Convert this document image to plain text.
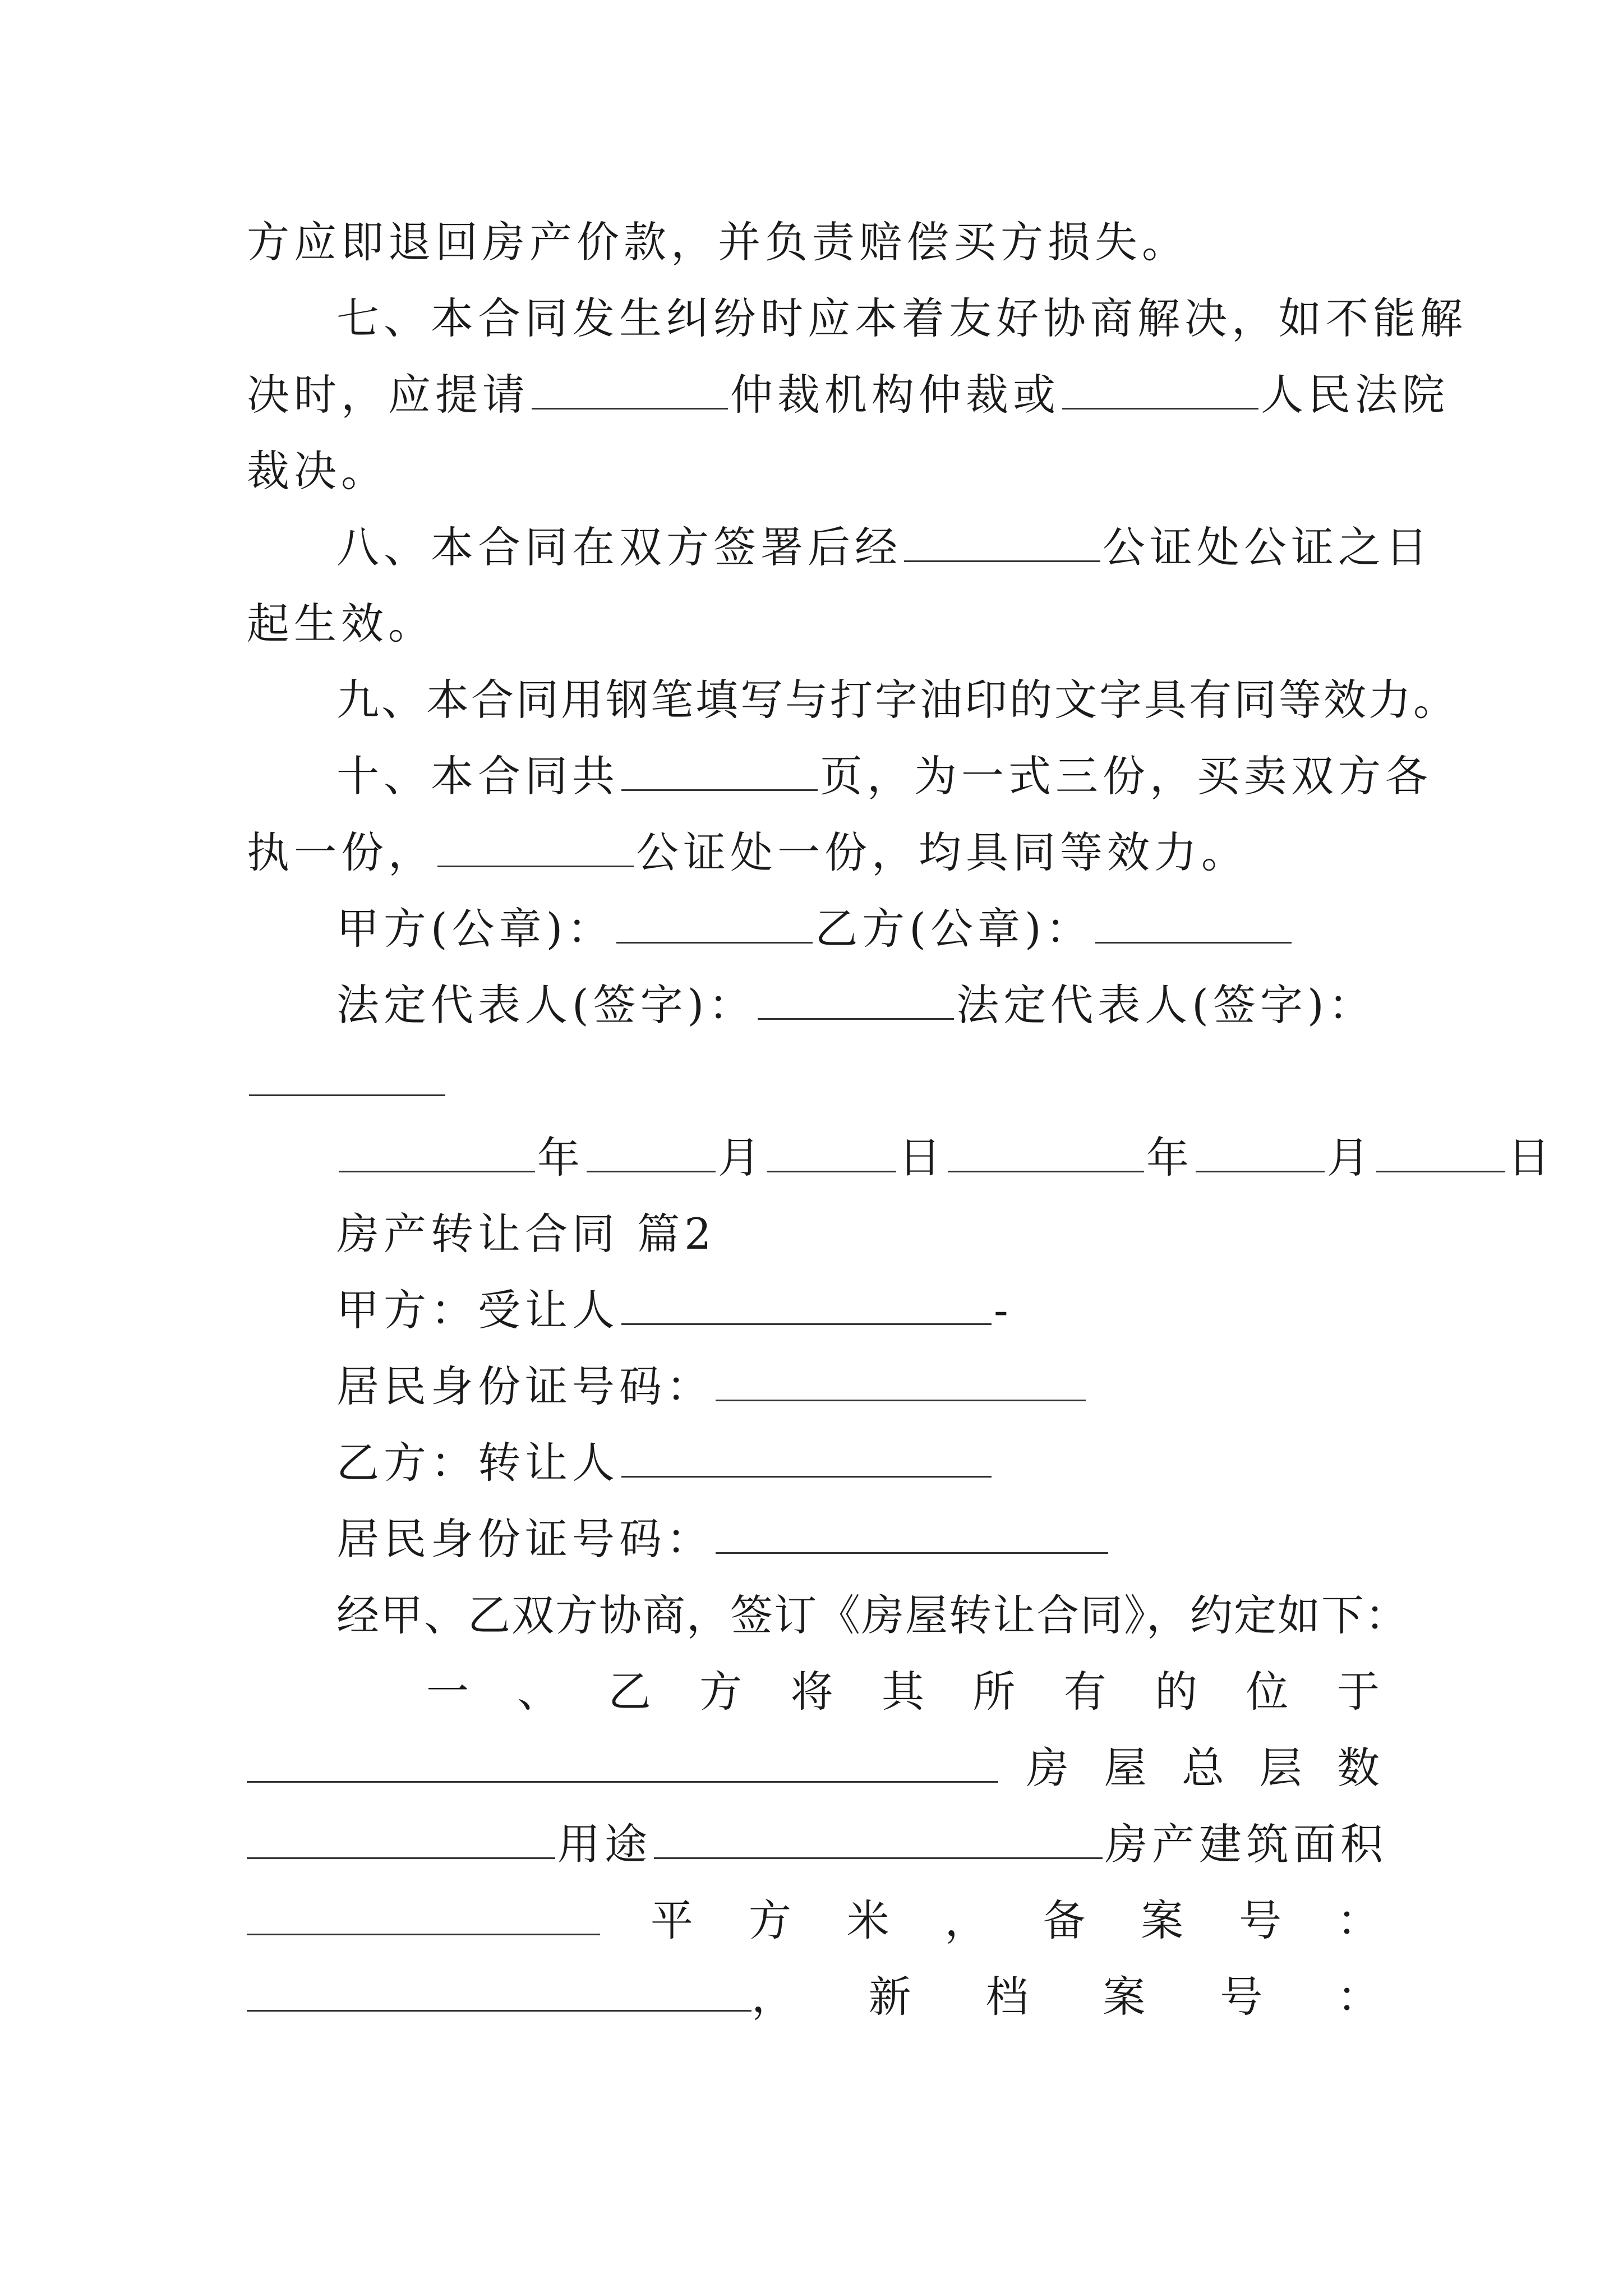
方应即退回房产价款，并负责赔偿买方损失。
七、本合同发生纠纷时应本着友好协商解决，如不能解
决时，应提请	仲裁机构仲裁或	人民法院
裁决。
八、本合同在双方签署后经	公证处公证之日
起生效。
九、本合同用钢笔填写与打字油印的文字具有同等效力。
十、本合同共	页，为一式三份，买卖双方各
执一份，	公证处一份，均具同等效力。
甲方(公章)：	乙方(公章)：
法定代表人(签字)：	法定代表人(签字)：
年	月	日	年	月	日
房产转让合同 篇2
甲方：受让人	-
居民身份证号码：
乙方：转让人
居民身份证号码：
经甲、乙双方协商，签订《房屋转让合同》，约定如下：
一 、 乙 方 将 其 所 有 的 位 于
房 屋 总 层 数
用途	房产建筑面积
平 方 米 ， 备 案 号 ：
， 新 档 案 号 ：
